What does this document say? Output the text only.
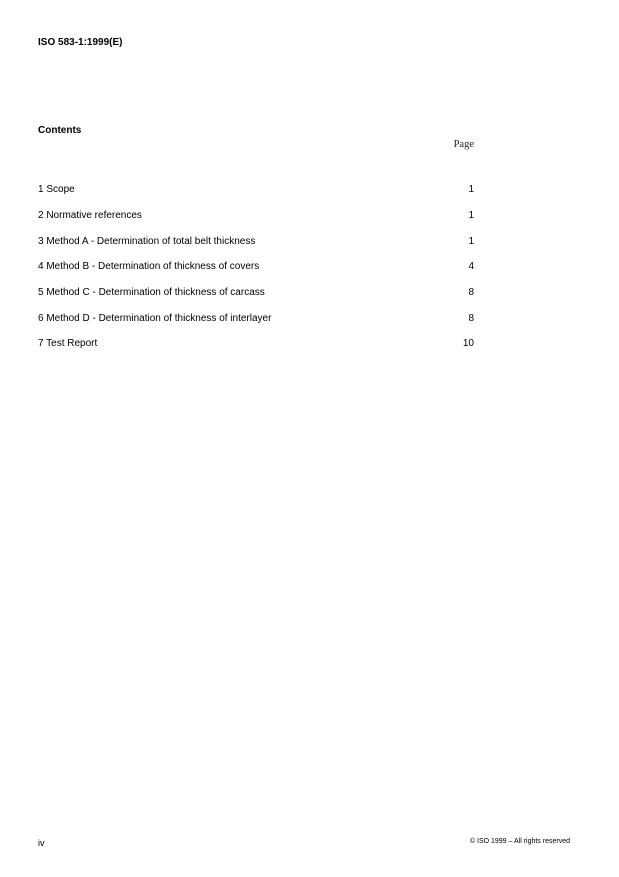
ISO 583-1:1999(E)
Contents
Page
1 Scope	1
2 Normative references	1
3 Method A - Determination of total belt thickness	1
4 Method B - Determination of thickness of covers	4
5 Method C - Determination of thickness of carcass	8
6 Method D - Determination of thickness of interlayer	8
7 Test Report	10
iv	© ISO 1999 – All rights reserved
